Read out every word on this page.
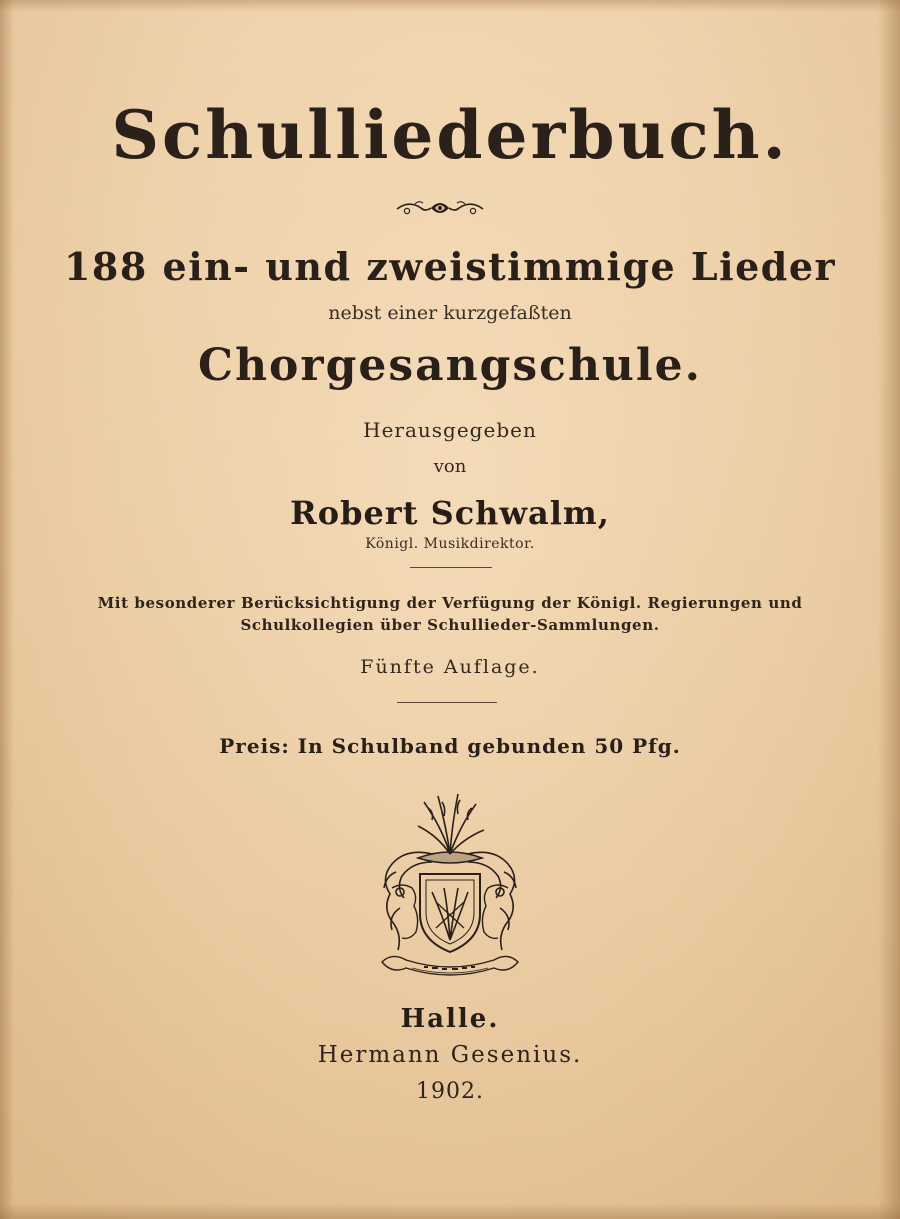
Schulliederbuch.
188 ein- und zweistimmige Lieder
nebst einer kurzgefaßten
Chorgesangschule.
Herausgegeben
von
Robert Schwalm,
Königl. Musikdirektor.
Mit besonderer Berücksichtigung der Verfügung der Königl. Regierungen und
Schulkollegien über Schullieder-Sammlungen.
Fünfte Auflage.
Preis: In Schulband gebunden 50 Pfg.
Halle.
Hermann Gesenius.
1902.
